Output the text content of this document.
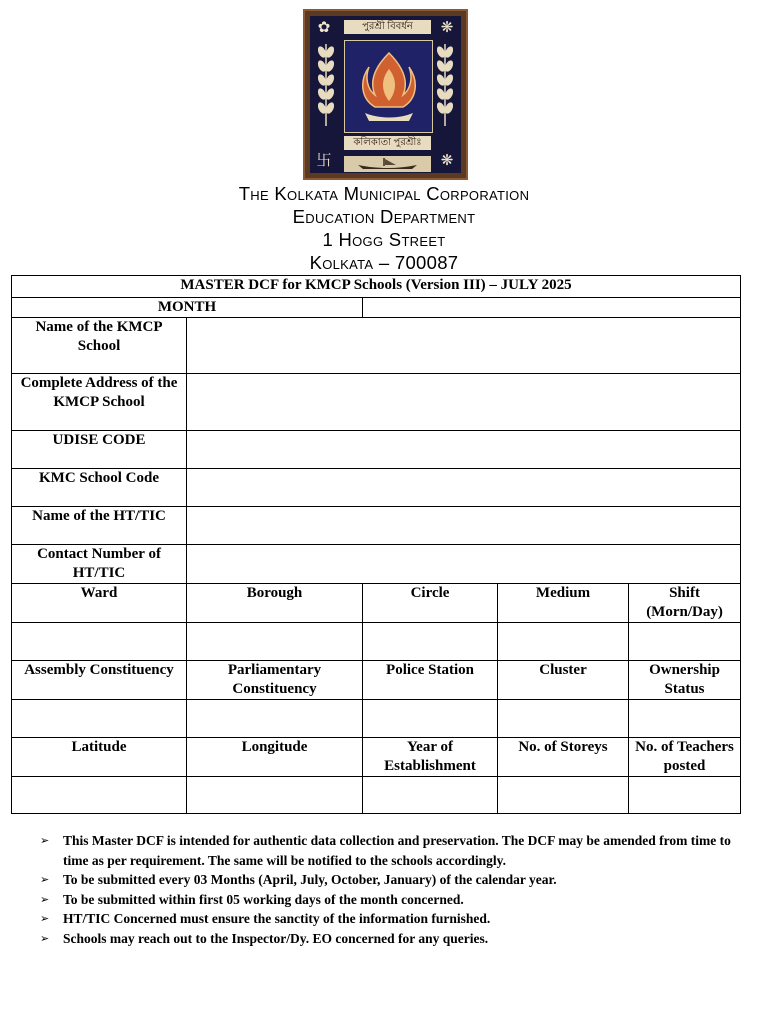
✿	❋
卐	❋
পুরশ্রী বিবর্ধন
কলিকাতা পুরশ্রীঃ
The Kolkata Municipal Corporation
Education Department
1 Hogg Street
Kolkata – 700087
MASTER DCF for KMCP Schools (Version III) – JULY 2025				
MONTH				
Name of the KMCP School				
Complete Address of the KMCP School				
UDISE CODE				
KMC School Code				
Name of the HT/TIC				
Contact Number of HT/TIC				
Ward	Borough	Circle	Medium	Shift (Morn/Day)

Assembly Constituency	Parliamentary Constituency	Police Station	Cluster	Ownership Status

Latitude	Longitude	Year of Establishment	No. of Storeys	No. of Teachers posted

➢ This Master DCF is intended for authentic data collection and preservation. The DCF may be amended from time to time as per requirement. The same will be notified to the schools accordingly.
➢ To be submitted every 03 Months (April, July, October, January) of the calendar year.
➢ To be submitted within first 05 working days of the month concerned.
➢ HT/TIC Concerned must ensure the sanctity of the information furnished.
➢ Schools may reach out to the Inspector/Dy. EO concerned for any queries.
